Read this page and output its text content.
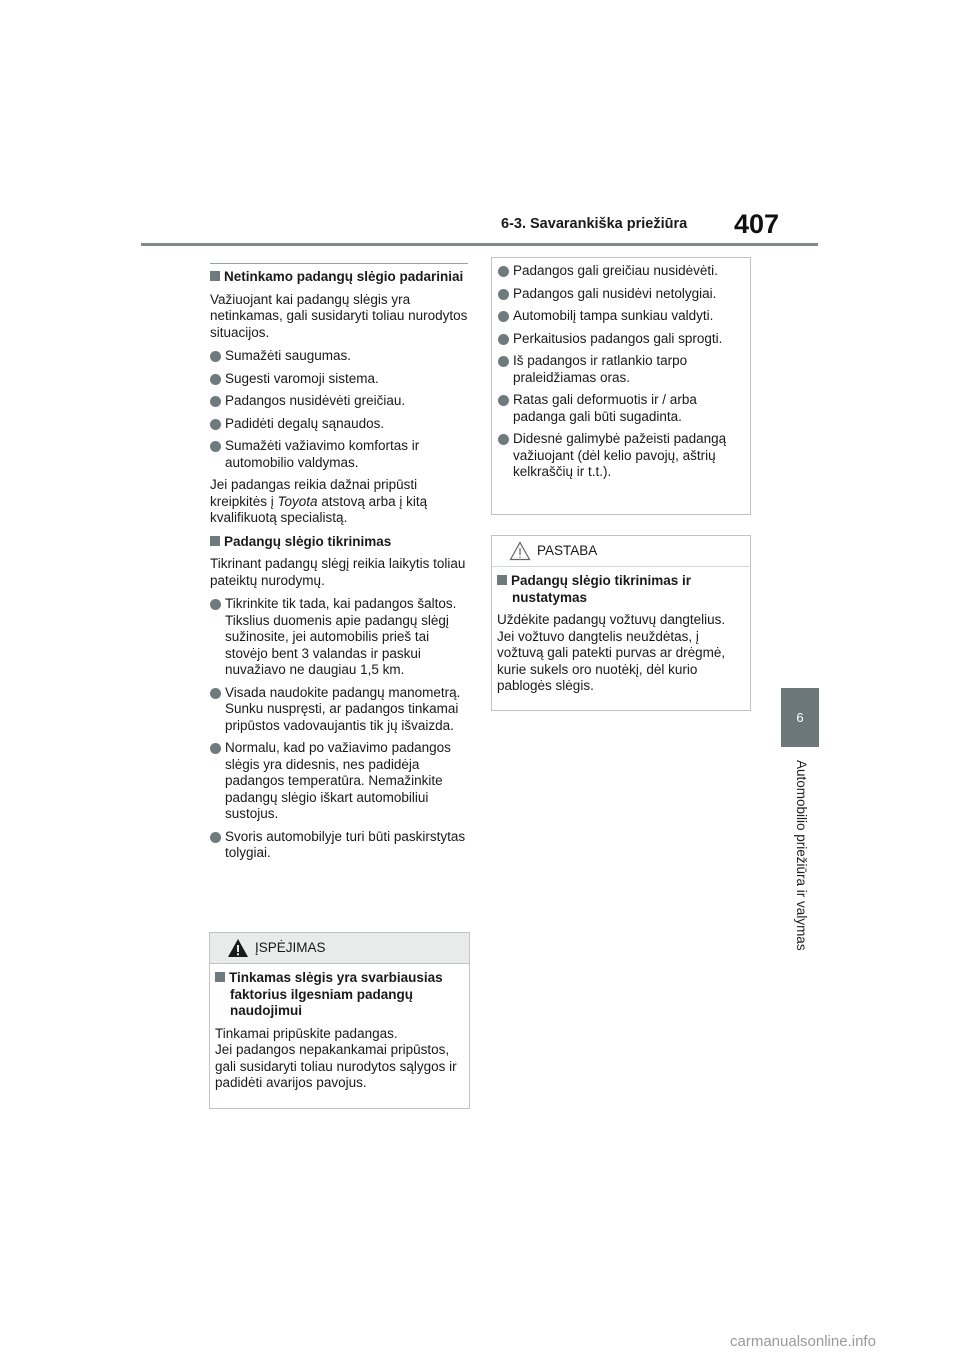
6-3. Savarankiška priežiūra 407
6
Automobilio priežiūra ir valymas
Netinkamo padangų slėgio padariniai

Važiuojant kai padangų slėgis yra netinkamas, gali susidaryti toliau nurodytos situacijos.

Sumažėti saugumas.
Sugesti varomoji sistema.
Padangos nusidėvėti greičiau.
Padidėti degalų sąnaudos.
Sumažėti važiavimo komfortas ir automobilio valdymas.

Jei padangas reikia dažnai pripūsti kreipkitės į Toyota atstovą arba į kitą kvalifikuotą specialistą.

Padangų slėgio tikrinimas

Tikrinant padangų slėgį reikia laikytis toliau pateiktų nurodymų.

Tikrinkite tik tada, kai padangos šaltos.
Tikslius duomenis apie padangų slėgį sužinosite, jei automobilis prieš tai stovėjo bent 3 valandas ir paskui nuvažiavo ne daugiau 1,5 km.
Visada naudokite padangų manometrą.
Sunku nuspręsti, ar padangos tinkamai pripūstos vadovaujantis tik jų išvaizda.
Normalu, kad po važiavimo padangos slėgis yra didesnis, nes padidėja padangos temperatūra. Nemažinkite padangų slėgio iškart automobiliui sustojus.
Svoris automobilyje turi būti paskirstytas tolygiai.
ĮSPĖJIMAS
Tinkamas slėgis yra svarbiausias faktorius ilgesniam padangų naudojimui

Tinkamai pripūskite padangas.
Jei padangos nepakankamai pripūstos, gali susidaryti toliau nurodytos sąlygos ir padidėti avarijos pavojus.

Padangos gali greičiau nusidėvėti.
Padangos gali nusidėvi netolygiai.
Automobilį tampa sunkiau valdyti.
Perkaitusios padangos gali sprogti.
Iš padangos ir ratlankio tarpo praleidžiamas oras.
Ratas gali deformuotis ir / arba padanga gali būti sugadinta.
Didesnė galimybė pažeisti padangą važiuojant (dėl kelio pavojų, aštrių kelkraščių ir t.t.).
PASTABA
Padangų slėgio tikrinimas ir nustatymas

Uždėkite padangų vožtuvų dangtelius.
Jei vožtuvo dangtelis neuždėtas, į vožtuvą gali patekti purvas ar drėgmė, kurie sukels oro nuotėkį, dėl kurio pablogės slėgis.

carmanualsonline.info
